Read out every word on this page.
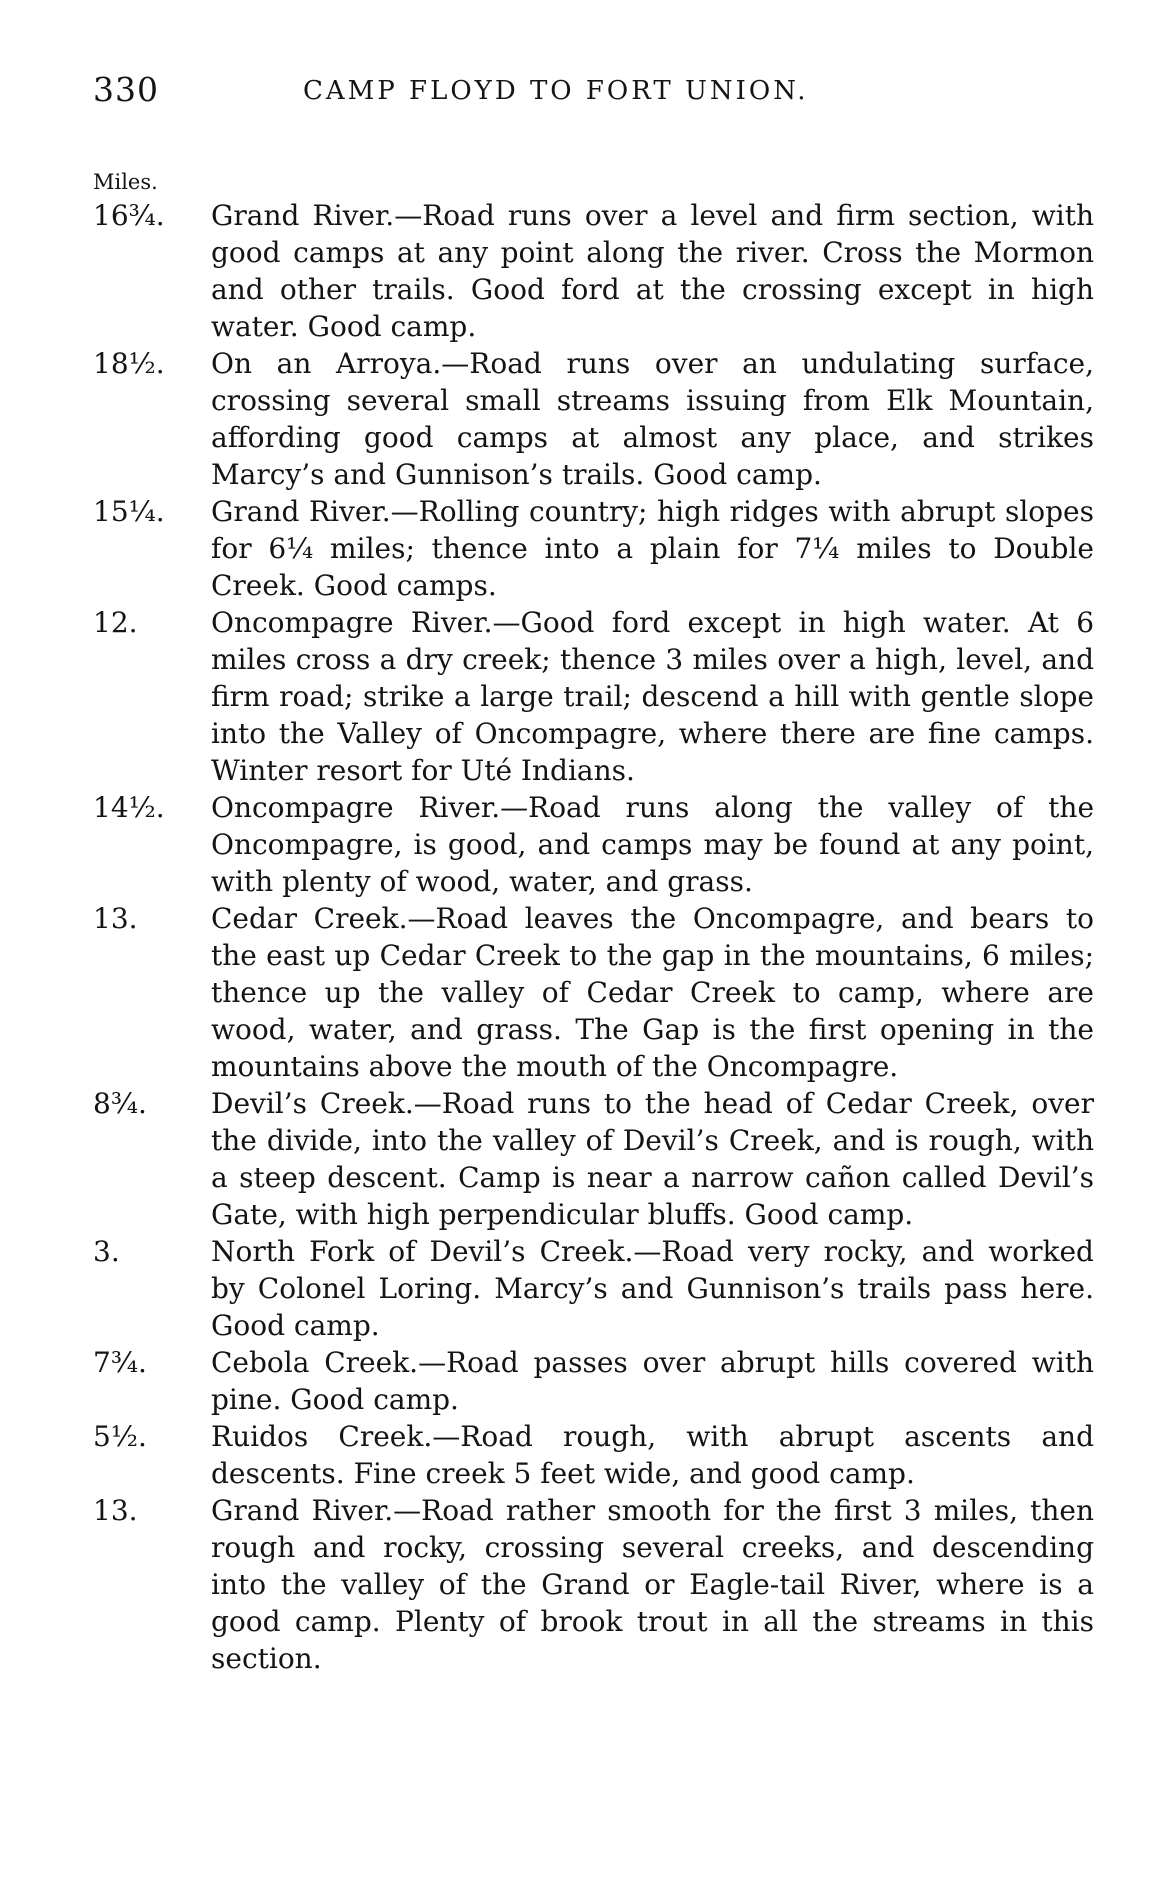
330	CAMP FLOYD TO FORT UNION.
Miles.
16¾. Grand River.—Road runs over a level and firm section, with good camps at any point along the river. Cross the Mormon and other trails. Good ford at the crossing except in high water. Good camp.
18½. On an Arroya.—Road runs over an undulating surface, crossing several small streams issuing from Elk Mountain, affording good camps at almost any place, and strikes Marcy’s and Gunnison’s trails. Good camp.
15¼. Grand River.—Rolling country; high ridges with abrupt slopes for 6¼ miles; thence into a plain for 7¼ miles to Double Creek. Good camps.
12.	Oncompagre River.—Good ford except in high water. At 6 miles cross a dry creek; thence 3 miles over a high, level, and firm road; strike a large trail; descend a hill with gentle slope into the Valley of Oncompagre, where there are fine camps. Winter resort for Uté Indians.
14½. Oncompagre River.—Road runs along the valley of the Oncompagre, is good, and camps may be found at any point, with plenty of wood, water, and grass.
13.	Cedar Creek.—Road leaves the Oncompagre, and bears to the east up Cedar Creek to the gap in the mountains, 6 miles; thence up the valley of Cedar Creek to camp, where are wood, water, and grass. The Gap is the first opening in the mountains above the mouth of the Oncompagre.
8¾.	Devil’s Creek.—Road runs to the head of Cedar Creek, over the divide, into the valley of Devil’s Creek, and is rough, with a steep descent. Camp is near a narrow cañon called Devil’s Gate, with high perpendicular bluffs. Good camp.
3.	North Fork of Devil’s Creek.—Road very rocky, and worked by Colonel Loring. Marcy’s and Gunnison’s trails pass here. Good camp.
7¾.	Cebola Creek.—Road passes over abrupt hills covered with pine. Good camp.
5½.	Ruidos Creek.—Road rough, with abrupt ascents and descents. Fine creek 5 feet wide, and good camp.
13.	Grand River.—Road rather smooth for the first 3 miles, then rough and rocky, crossing several creeks, and descending into the valley of the Grand or Eagle-tail River, where is a good camp. Plenty of brook trout in all the streams in this section.
